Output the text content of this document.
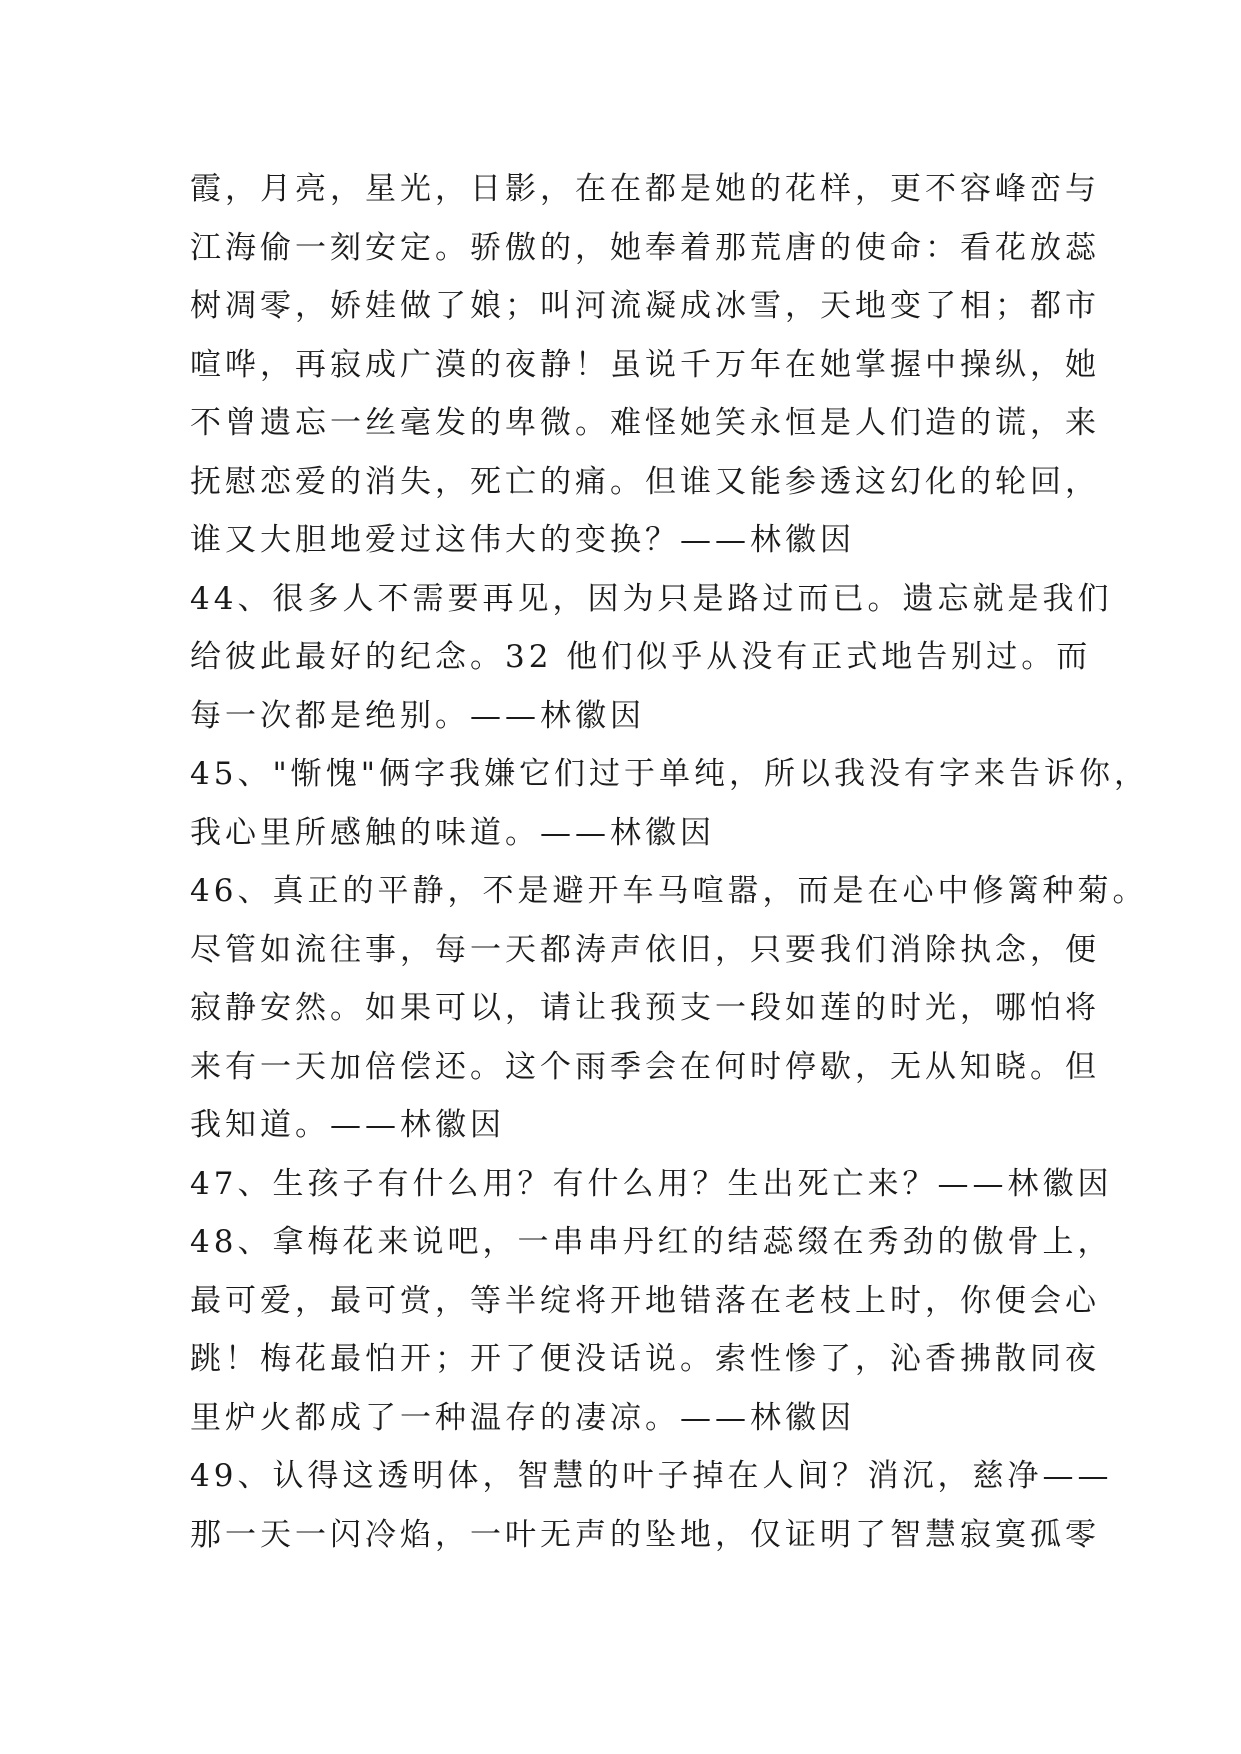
霞，月亮，星光，日影，在在都是她的花样，更不容峰峦与
江海偷一刻安定。骄傲的，她奉着那荒唐的使命：看花放蕊
树凋零，娇娃做了娘；叫河流凝成冰雪，天地变了相；都市
喧哗，再寂成广漠的夜静！虽说千万年在她掌握中操纵，她
不曾遗忘一丝毫发的卑微。难怪她笑永恒是人们造的谎，来
抚慰恋爱的消失，死亡的痛。但谁又能参透这幻化的轮回，
谁又大胆地爱过这伟大的变换？——林徽因
44、很多人不需要再见，因为只是路过而已。遗忘就是我们
给彼此最好的纪念。32 他们似乎从没有正式地告别过。而
每一次都是绝别。——林徽因
45、"惭愧"俩字我嫌它们过于单纯，所以我没有字来告诉你，
我心里所感触的味道。——林徽因
46、真正的平静，不是避开车马喧嚣，而是在心中修篱种菊。
尽管如流往事，每一天都涛声依旧，只要我们消除执念，便
寂静安然。如果可以，请让我预支一段如莲的时光，哪怕将
来有一天加倍偿还。这个雨季会在何时停歇，无从知晓。但
我知道。——林徽因
47、生孩子有什么用？有什么用？生出死亡来？——林徽因
48、拿梅花来说吧，一串串丹红的结蕊缀在秀劲的傲骨上，
最可爱，最可赏，等半绽将开地错落在老枝上时，你便会心
跳！梅花最怕开；开了便没话说。索性惨了，沁香拂散同夜
里炉火都成了一种温存的凄凉。——林徽因
49、认得这透明体，智慧的叶子掉在人间？消沉，慈净——
那一天一闪冷焰，一叶无声的坠地，仅证明了智慧寂寞孤零
